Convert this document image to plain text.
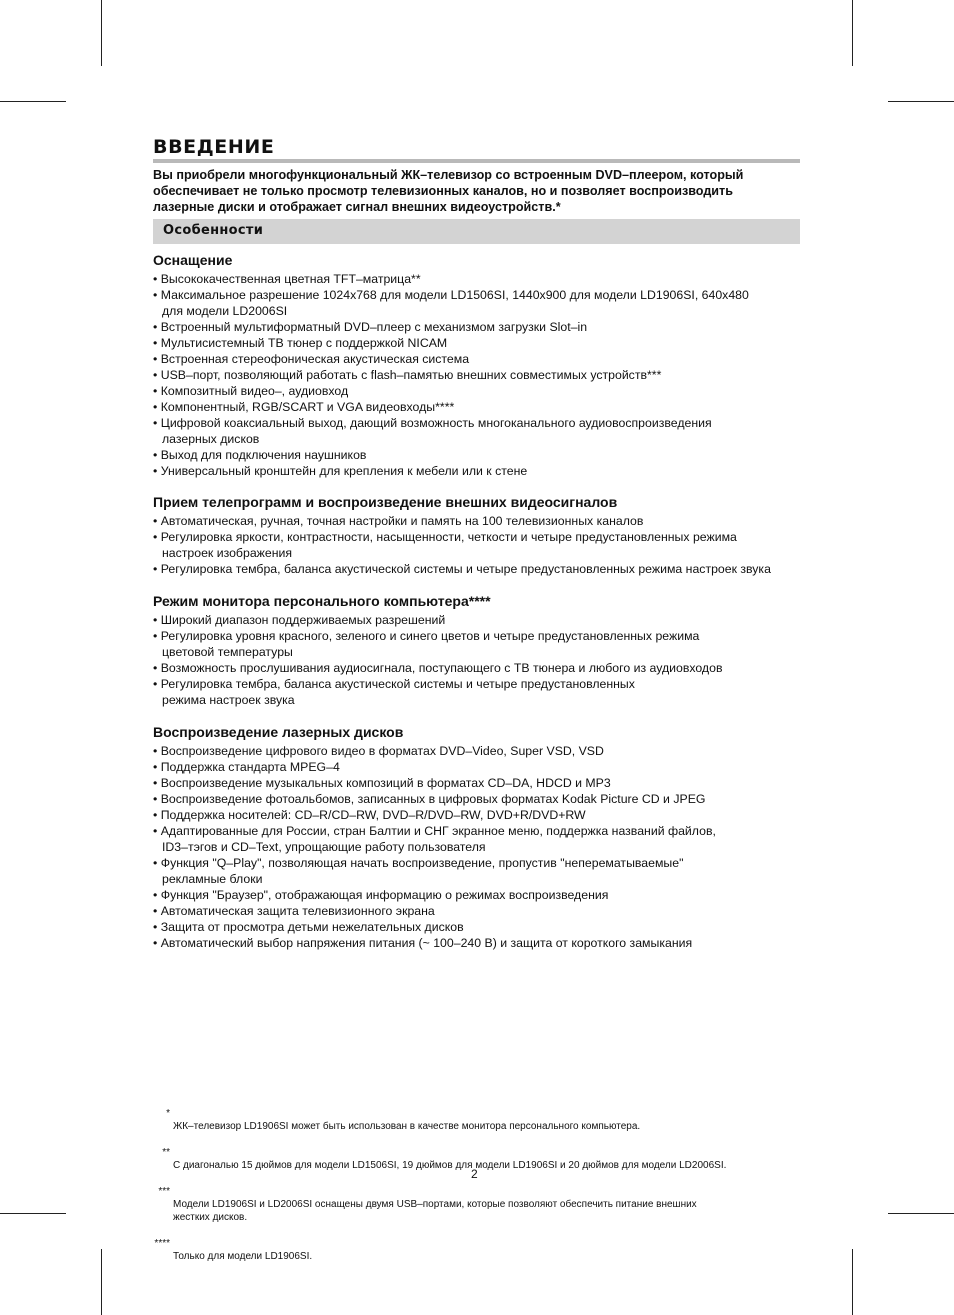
ВВЕДЕНИЕ
Вы приобрели многофункциональный ЖК–телевизор со встроенным DVD–плеером, который
обеспечивает не только просмотр телевизионных каналов, но и позволяет воспроизводить
лазерные диски и отображает сигнал внешних видеоустройств.*
Особенности
Оснащение
• Высококачественная цветная TFT–матрица**
• Максимальное разрешение 1024x768 для модели LD1506SI, 1440x900 для модели LD1906SI, 640x480
для модели LD2006SI
• Встроенный мультиформатный DVD–плеер с механизмом загрузки Slot–in
• Мультисистемный ТВ тюнер с поддержкой NICAM
• Встроенная стереофоническая акустическая система
• USB–порт, позволяющий работать с flash–памятью внешних совместимых устройств***
• Композитный видео–, аудиовход
• Компонентный, RGB/SCART и VGA видеовходы****
• Цифровой коаксиальный выход, дающий возможность многоканального аудиовоспроизведения
лазерных дисков
• Выход для подключения наушников
• Универсальный кронштейн для крепления к мебели или к стене
Прием телепрограмм и воспроизведение внешних видеосигналов
• Автоматическая, ручная, точная настройки и память на 100 телевизионных каналов
• Регулировка яркости, контрастности, насыщенности, четкости и четыре предустановленных режима
настроек изображения
• Регулировка тембра, баланса акустической системы и четыре предустановленных режима настроек звука
Режим монитора персонального компьютера****
• Широкий диапазон поддерживаемых разрешений
• Регулировка уровня красного, зеленого и синего цветов и четыре предустановленных режима
цветовой температуры
• Возможность прослушивания аудиосигнала, поступающего с ТВ тюнера и любого из аудиовходов
• Регулировка тембра, баланса акустической системы и четыре предустановленных
режима настроек звука
Воспроизведение лазерных дисков
• Воспроизведение цифрового видео в форматах DVD–Video, Super VSD, VSD
• Поддержка стандарта MPEG–4
• Воспроизведение музыкальных композиций в форматах CD–DA, HDCD и MP3
• Воспроизведение фотоальбомов, записанных в цифровых форматах Kodak Picture CD и JPEG
• Поддержка носителей: CD–R/CD–RW, DVD–R/DVD–RW, DVD+R/DVD+RW
• Адаптированные для России, стран Балтии и СНГ экранное меню, поддержка названий файлов,
ID3–тэгов и CD–Text, упрощающие работу пользователя
• Функция "Q–Play", позволяющая начать воспроизведение, пропустив "неперематываемые"
рекламные блоки
• Функция "Браузер", отображающая информацию о режимах воспроизведения
• Автоматическая защита телевизионного экрана
• Защита от просмотра детьми нежелательных дисков
• Автоматический выбор напряжения питания (~ 100–240 В) и защита от короткого замыкания

*

ЖК–телевизор LD1906SI может быть использован в качестве монитора персонального компьютера.

**

С диагональю 15 дюймов для модели LD1506SI, 19 дюймов для модели LD1906SI и 20 дюймов для модели LD2006SI.

***

Модели LD1906SI и LD2006SI оснащены двумя USB–портами, которые позволяют обеспечить питание внешних
жестких дисков.

****

Только для модели LD1906SI.

2
